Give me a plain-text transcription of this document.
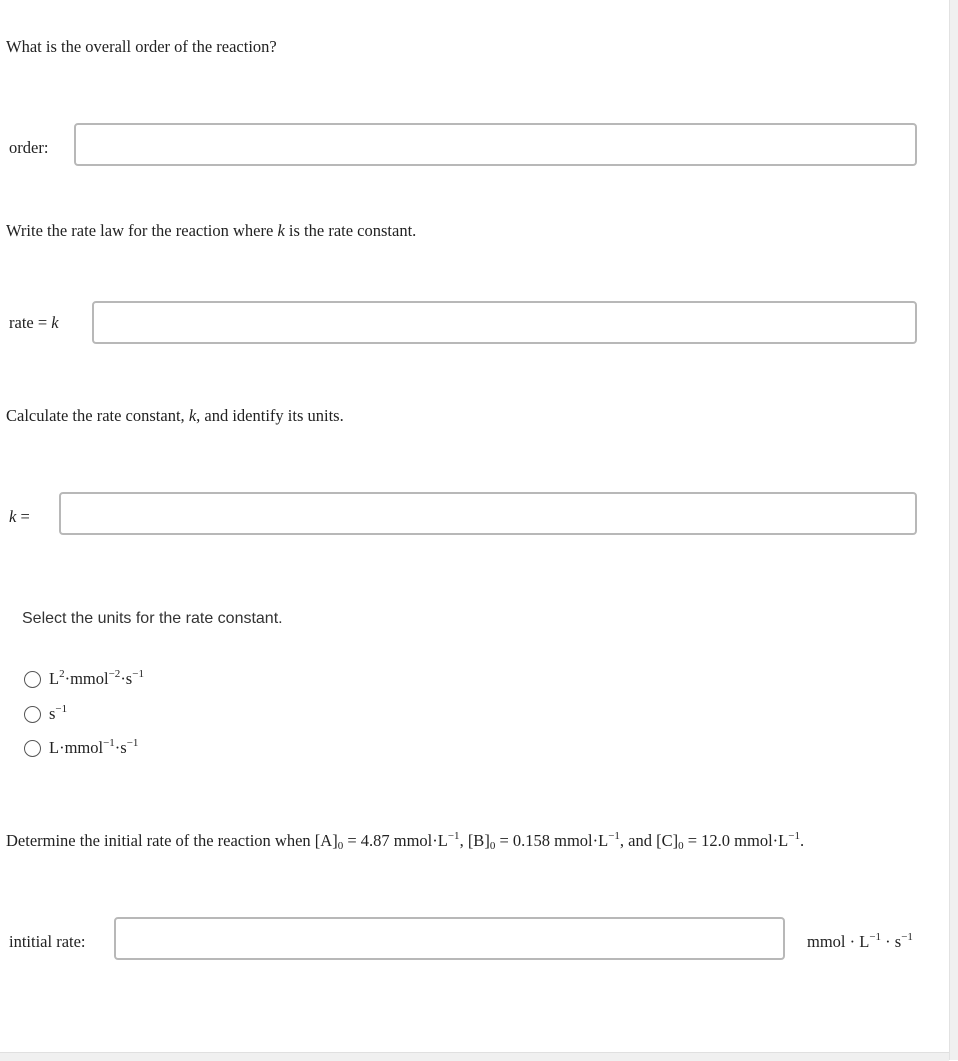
What is the overall order of the reaction?
order:
Write the rate law for the reaction where k is the rate constant.
rate = k
Calculate the rate constant, k, and identify its units.
k =
Select the units for the rate constant.
$L^2\cdot mmol^{-2}\cdot s^{-1}$
$s^{-1}$
$L\cdot mmol^{-1}\cdot s^{-1}$
Determine the initial rate of the reaction when $[A]_0 = 4.87$ $mmol\cdot L^{-1}$, $[B]_0 = 0.158$ $mmol\cdot L^{-1}$, and $[C]_0 = 12.0$ $mmol\cdot L^{-1}$.
intitial rate:	mmol · $L^{-1} \cdot s^{-1}$
